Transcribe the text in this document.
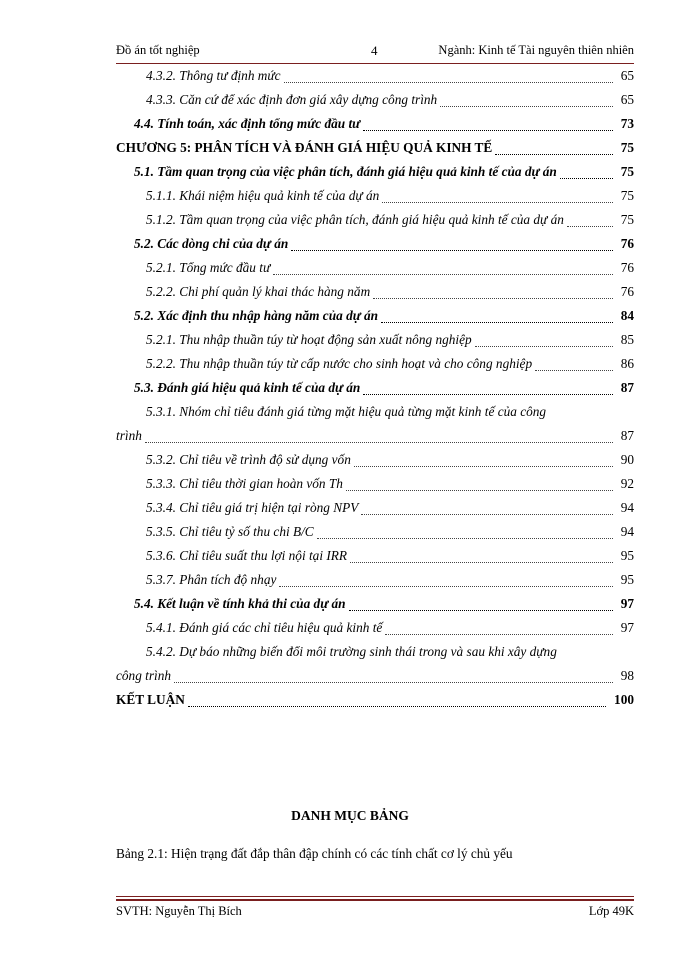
Đồ án tốt nghiệp	4	Ngành: Kinh tế Tài nguyên thiên nhiên
4.3.2. Thông tư định mức	65
4.3.3. Căn cứ để xác định đơn giá xây dựng công trình	65
4.4. Tính toán, xác định tổng mức đầu tư	73
CHƯƠNG 5: PHÂN TÍCH VÀ ĐÁNH GIÁ HIỆU QUẢ KINH TẾ	75
5.1. Tầm quan trọng của việc phân tích, đánh giá hiệu quả kinh tế của dự án	75
5.1.1. Khái niệm hiệu quả kinh tế của dự án	75
5.1.2. Tầm quan trọng của việc phân tích, đánh giá hiệu quả kinh tế của dự án	75
5.2. Các dòng chi của dự án	76
5.2.1. Tổng mức đầu tư	76
5.2.2. Chi phí quản lý khai thác hàng năm	76
5.2. Xác định thu nhập hàng năm của dự án	84
5.2.1. Thu nhập thuần túy từ hoạt động sản xuất nông nghiệp	85
5.2.2. Thu nhập thuần túy từ cấp nước cho sinh hoạt và cho công nghiệp	86
5.3. Đánh giá hiệu quả kinh tế của dự án	87
5.3.1. Nhóm chỉ tiêu đánh giá từng mặt hiệu quả từng mặt kinh tế của công
trình	87
5.3.2. Chỉ tiêu về trình độ sử dụng vốn	90
5.3.3. Chỉ tiêu thời gian hoàn vốn Th	92
5.3.4. Chỉ tiêu giá trị hiện tại ròng NPV	94
5.3.5. Chỉ tiêu tỷ số thu chi B/C	94
5.3.6. Chỉ tiêu suất thu lợi nội tại IRR	95
5.3.7. Phân tích độ nhạy	95
5.4. Kết luận về tính khả thi của dự án	97
5.4.1. Đánh giá các chỉ tiêu hiệu quả kinh tế	97
5.4.2. Dự báo những biến đổi môi trường sinh thái trong và sau khi xây dựng
công trình	98
KẾT LUẬN	100
DANH MỤC BẢNG
Bảng 2.1: Hiện trạng đất đắp thân đập chính có các tính chất cơ lý chủ yếu
SVTH: Nguyễn Thị Bích	Lớp 49K
